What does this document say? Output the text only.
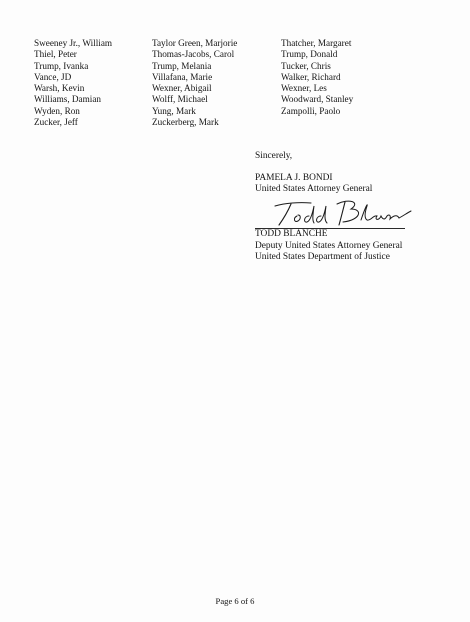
Sweeney Jr., William
Thiel, Peter
Trump, Ivanka
Vance, JD
Warsh, Kevin
Williams, Damian
Wyden, Ron
Zucker, Jeff
Taylor Green, Marjorie
Thomas-Jacobs, Carol
Trump, Melania
Villafana, Marie
Wexner, Abigail
Wolff, Michael
Yung, Mark
Zuckerberg, Mark
Thatcher, Margaret
Trump, Donald
Tucker, Chris
Walker, Richard
Wexner, Les
Woodward, Stanley
Zampolli, Paolo
Sincerely,
PAMELA J. BONDI
United States Attorney General
TODD BLANCHE
Deputy United States Attorney General
United States Department of Justice
Page 6 of 6
